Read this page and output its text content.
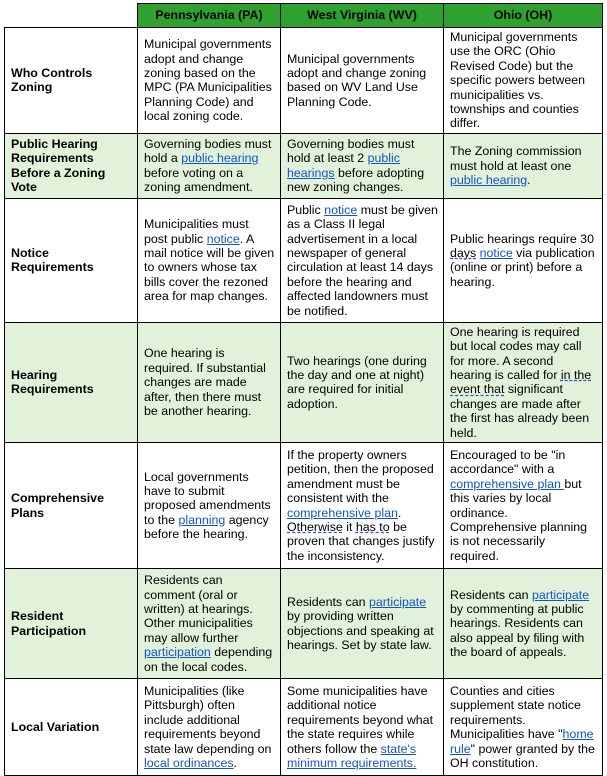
	Pennsylvania (PA)	West Virginia (WV)	Ohio (OH)
Who Controls Zoning	Municipal governments adopt and change zoning based on the MPC (PA Municipalities Planning Code) and local zoning code.	Municipal governments adopt and change zoning based on WV Land Use Planning Code.	Municipal governments use the ORC (Ohio Revised Code) but the specific powers between municipalities vs. townships and counties differ.
Public Hearing Requirements Before a Zoning Vote	Governing bodies must hold a public hearing before voting on a zoning amendment.	Governing bodies must hold at least 2 public hearings before adopting new zoning changes.	The Zoning commission must hold at least one public hearing.
Notice Requirements	Municipalities must post public notice. A mail notice will be given to owners whose tax bills cover the rezoned area for map changes.	Public notice must be given as a Class II legal advertisement in a local newspaper of general circulation at least 14 days before the hearing and affected landowners must be notified.	Public hearings require 30 days notice via publication (online or print) before a hearing.
Hearing Requirements	One hearing is required. If substantial changes are made after, then there must be another hearing.	Two hearings (one during the day and one at night) are required for initial adoption.	One hearing is required but local codes may call for more. A second hearing is called for in the event that significant changes are made after the first has already been held.
Comprehensive Plans	Local governments have to submit proposed amendments to the planning agency before the hearing.	If the property owners petition, then the proposed amendment must be consistent with the comprehensive plan. Otherwise it has to be proven that changes justify the inconsistency.	Encouraged to be "in accordance" with a comprehensive plan but this varies by local ordinance. Comprehensive planning is not necessarily required.
Resident Participation	Residents can comment (oral or written) at hearings. Other municipalities may allow further participation depending on the local codes.	Residents can participate by providing written objections and speaking at hearings. Set by state law.	Residents can participate by commenting at public hearings. Residents can also appeal by filing with the board of appeals.
Local Variation	Municipalities (like Pittsburgh) often include additional requirements beyond state law depending on local ordinances.	Some municipalities have additional notice requirements beyond what the state requires while others follow the state's minimum requirements.	Counties and cities supplement state notice requirements. Municipalities have "home rule" power granted by the OH constitution.
